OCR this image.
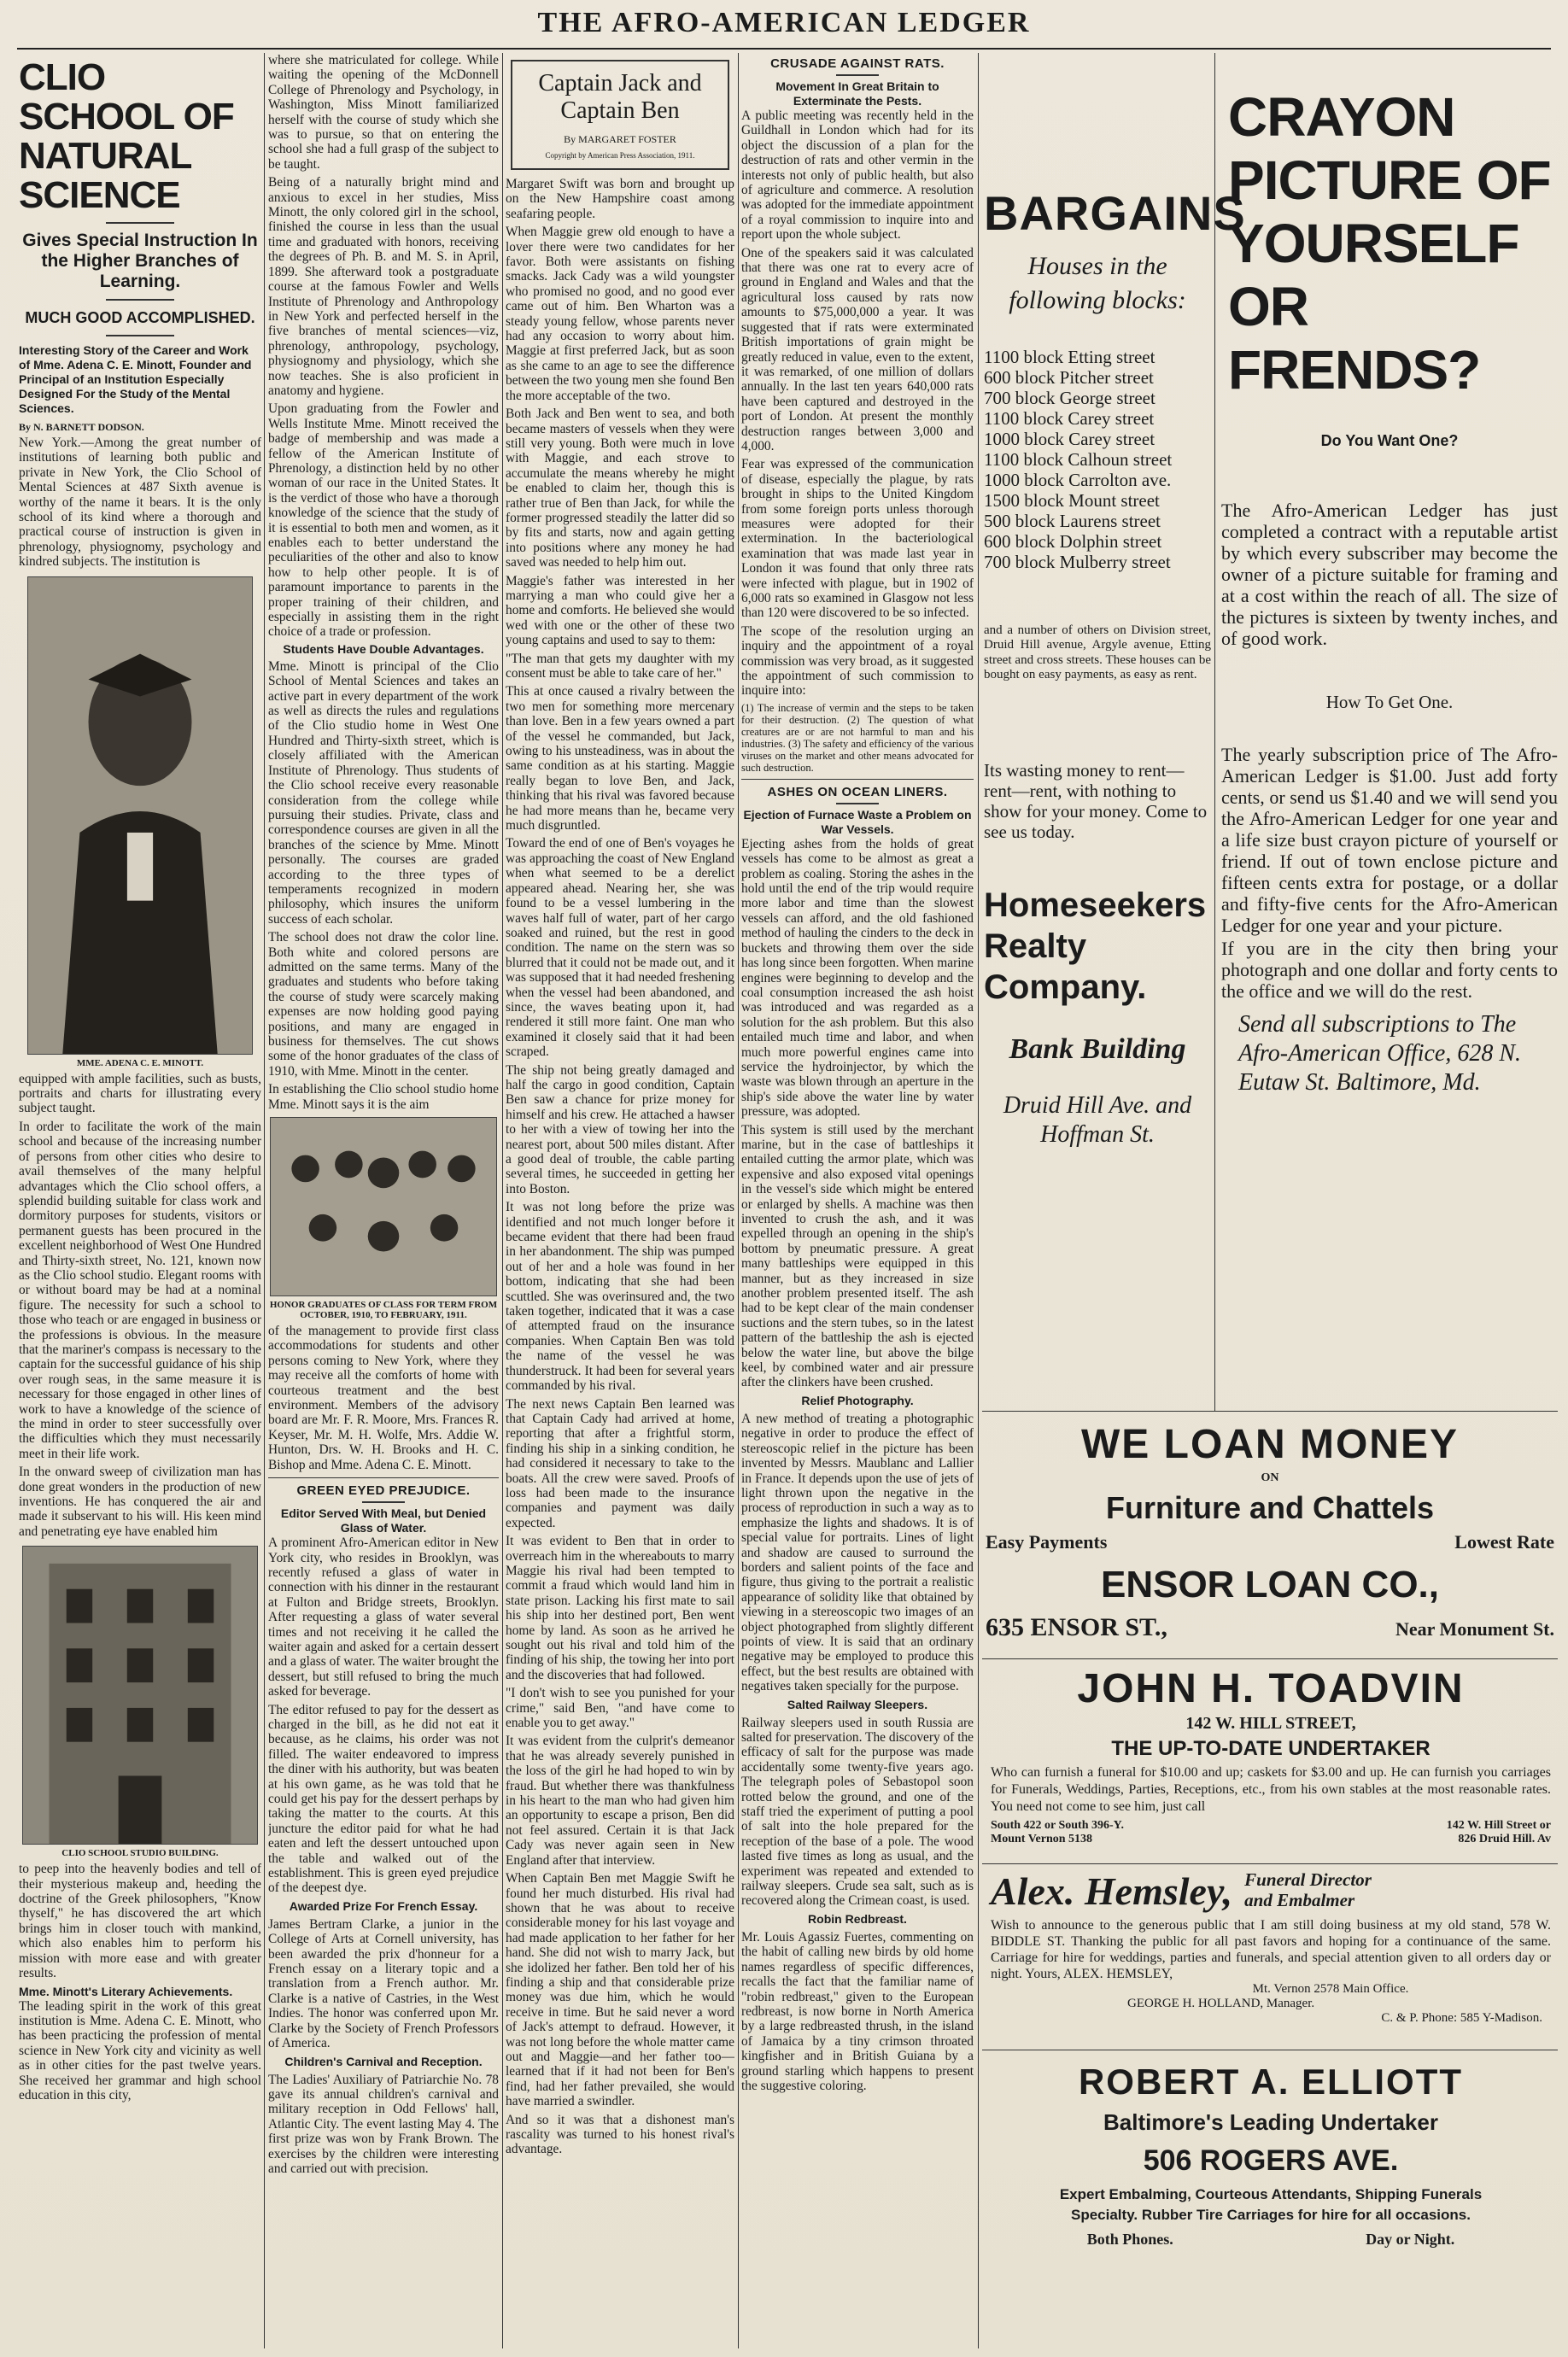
THE AFRO-AMERICAN LEDGER
CLIO SCHOOL OF NATURAL SCIENCE
Gives Special Instruction In the Higher Branches of Learning.
MUCH GOOD ACCOMPLISHED.
Interesting Story of the Career and Work of Mme. Adena C. E. Minott, Founder and Principal of an Institution Especially Designed For the Study of the Mental Sciences.
By N. BARNETT DODSON.

New York.—Among the great number of institutions of learning both public and private in New York, the Clio School of Mental Sciences at 487 Sixth avenue is worthy of the name it bears. It is the only school of its kind where a thorough and practical course of instruction is given in phrenology, physiognomy, psychology and kindred subjects. The institution is

MME. ADENA C. E. MINOTT.

equipped with ample facilities, such as busts, portraits and charts for illustrating every subject taught.

In order to facilitate the work of the main school and because of the increasing number of persons from other cities who desire to avail themselves of the many helpful advantages which the Clio school offers, a splendid building suitable for class work and dormitory purposes for students, visitors or permanent guests has been procured in the excellent neighborhood of West One Hundred and Thirty-sixth street, No. 121, known now as the Clio school studio. Elegant rooms with or without board may be had at a nominal figure. The necessity for such a school to those who teach or are engaged in business or the professions is obvious. In the measure that the mariner's compass is necessary to the captain for the successful guidance of his ship over rough seas, in the same measure it is necessary for those engaged in other lines of work to have a knowledge of the science of the mind in order to steer successfully over the difficulties which they must necessarily meet in their life work.

In the onward sweep of civilization man has done great wonders in the production of new inventions. He has conquered the air and made it subservant to his will. His keen mind and penetrating eye have enabled him

CLIO SCHOOL STUDIO BUILDING.

to peep into the heavenly bodies and tell of their mysterious makeup and, heeding the doctrine of the Greek philosophers, "Know thyself," he has discovered the art which brings him in closer touch with mankind, which also enables him to perform his mission with more ease and with greater results.

Mme. Minott's Literary Achievements.

The leading spirit in the work of this great institution is Mme. Adena C. E. Minott, who has been practicing the profession of mental science in New York city and vicinity as well as in other cities for the past twelve years. She received her grammar and high school education in this city,

where she matriculated for college. While waiting the opening of the McDonnell College of Phrenology and Psychology, in Washington, Miss Minott familiarized herself with the course of study which she was to pursue, so that on entering the school she had a full grasp of the subject to be taught.

Being of a naturally bright mind and anxious to excel in her studies, Miss Minott, the only colored girl in the school, finished the course in less than the usual time and graduated with honors, receiving the degrees of Ph. B. and M. S. in April, 1899. She afterward took a postgraduate course at the famous Fowler and Wells Institute of Phrenology and Anthropology in New York and perfected herself in the five branches of mental sciences—viz, phrenology, anthropology, psychology, physiognomy and physiology, which she now teaches. She is also proficient in anatomy and hygiene.

Upon graduating from the Fowler and Wells Institute Mme. Minott received the badge of membership and was made a fellow of the American Institute of Phrenology, a distinction held by no other woman of our race in the United States. It is the verdict of those who have a thorough knowledge of the science that the study of it is essential to both men and women, as it enables each to better understand the peculiarities of the other and also to know how to help other people. It is of paramount importance to parents in the proper training of their children, and especially in assisting them in the right choice of a trade or profession.

Students Have Double Advantages.

Mme. Minott is principal of the Clio School of Mental Sciences and takes an active part in every department of the work as well as directs the rules and regulations of the Clio studio home in West One Hundred and Thirty-sixth street, which is closely affiliated with the American Institute of Phrenology. Thus students of the Clio school receive every reasonable consideration from the college while pursuing their studies. Private, class and correspondence courses are given in all the branches of the science by Mme. Minott personally. The courses are graded according to the three types of temperaments recognized in modern philosophy, which insures the uniform success of each scholar.

The school does not draw the color line. Both white and colored persons are admitted on the same terms. Many of the graduates and students who before taking the course of study were scarcely making expenses are now holding good paying positions, and many are engaged in business for themselves. The cut shows some of the honor graduates of the class of 1910, with Mme. Minott in the center.

In establishing the Clio school studio home Mme. Minott says it is the aim

HONOR GRADUATES OF CLASS FOR TERM FROM OCTOBER, 1910, TO FEBRUARY, 1911.

of the management to provide first class accommodations for students and other persons coming to New York, where they may receive all the comforts of home with courteous treatment and the best environment. Members of the advisory board are Mr. F. R. Moore, Mrs. Frances R. Keyser, Mr. M. H. Wolfe, Mrs. Addie W. Hunton, Drs. W. H. Brooks and H. C. Bishop and Mme. Adena C. E. Minott.

GREEN EYED PREJUDICE.
Editor Served With Meal, but Denied Glass of Water.

A prominent Afro-American editor in New York city, who resides in Brooklyn, was recently refused a glass of water in connection with his dinner in the restaurant at Fulton and Bridge streets, Brooklyn. After requesting a glass of water several times and not receiving it he called the waiter again and asked for a certain dessert and a glass of water. The waiter brought the dessert, but still refused to bring the much asked for beverage.

The editor refused to pay for the dessert as charged in the bill, as he did not eat it because, as he claims, his order was not filled. The waiter endeavored to impress the diner with his authority, but was beaten at his own game, as he was told that he could get his pay for the dessert perhaps by taking the matter to the courts. At this juncture the editor paid for what he had eaten and left the dessert untouched upon the table and walked out of the establishment. This is green eyed prejudice of the deepest dye.

Awarded Prize For French Essay.

James Bertram Clarke, a junior in the College of Arts at Cornell university, has been awarded the prix d'honneur for a French essay on a literary topic and a translation from a French author. Mr. Clarke is a native of Castries, in the West Indies. The honor was conferred upon Mr. Clarke by the Society of French Professors of America.

Children's Carnival and Reception.

The Ladies' Auxiliary of Patriarchie No. 78 gave its annual children's carnival and military reception in Odd Fellows' hall, Atlantic City. The event lasting May 4. The first prize was won by Frank Brown. The exercises by the children were interesting and carried out with precision.

Captain Jack and Captain Ben
By MARGARET FOSTER
Copyright by American Press Association, 1911.

Margaret Swift was born and brought up on the New Hampshire coast among seafaring people.

When Maggie grew old enough to have a lover there were two candidates for her favor. Both were assistants on fishing smacks. Jack Cady was a wild youngster who promised no good, and no good ever came out of him. Ben Wharton was a steady young fellow, whose parents never had any occasion to worry about him. Maggie at first preferred Jack, but as soon as she came to an age to see the difference between the two young men she found Ben the more acceptable of the two.

Both Jack and Ben went to sea, and both became masters of vessels when they were still very young. Both were much in love with Maggie, and each strove to accumulate the means whereby he might be enabled to claim her, though this is rather true of Ben than Jack, for while the former progressed steadily the latter did so by fits and starts, now and again getting into positions where any money he had saved was needed to help him out.

Maggie's father was interested in her marrying a man who could give her a home and comforts. He believed she would wed with one or the other of these two young captains and used to say to them:

"The man that gets my daughter with my consent must be able to take care of her."

This at once caused a rivalry between the two men for something more mercenary than love. Ben in a few years owned a part of the vessel he commanded, but Jack, owing to his unsteadiness, was in about the same condition as at his starting. Maggie really began to love Ben, and Jack, thinking that his rival was favored because he had more means than he, became very much disgruntled.

Toward the end of one of Ben's voyages he was approaching the coast of New England when what seemed to be a derelict appeared ahead. Nearing her, she was found to be a vessel lumbering in the waves half full of water, part of her cargo soaked and ruined, but the rest in good condition. The name on the stern was so blurred that it could not be made out, and it was supposed that it had needed freshening when the vessel had been abandoned, and since, the waves beating upon it, had rendered it still more faint. One man who examined it closely said that it had been scraped.

The ship not being greatly damaged and half the cargo in good condition, Captain Ben saw a chance for prize money for himself and his crew. He attached a hawser to her with a view of towing her into the nearest port, about 500 miles distant. After a good deal of trouble, the cable parting several times, he succeeded in getting her into Boston.

It was not long before the prize was identified and not much longer before it became evident that there had been fraud in her abandonment. The ship was pumped out of her and a hole was found in her bottom, indicating that she had been scuttled. She was overinsured and, the two taken together, indicated that it was a case of attempted fraud on the insurance companies. When Captain Ben was told the name of the vessel he was thunderstruck. It had been for several years commanded by his rival.

The next news Captain Ben learned was that Captain Cady had arrived at home, reporting that after a frightful storm, finding his ship in a sinking condition, he had considered it necessary to take to the boats. All the crew were saved. Proofs of loss had been made to the insurance companies and payment was daily expected.

It was evident to Ben that in order to overreach him in the whereabouts to marry Maggie his rival had been tempted to commit a fraud which would land him in state prison. Lacking his first mate to sail his ship into her destined port, Ben went home by land. As soon as he arrived he sought out his rival and told him of the finding of his ship, the towing her into port and the discoveries that had followed.

"I don't wish to see you punished for your crime," said Ben, "and have come to enable you to get away."

It was evident from the culprit's demeanor that he was already severely punished in the loss of the girl he had hoped to win by fraud. But whether there was thankfulness in his heart to the man who had given him an opportunity to escape a prison, Ben did not feel assured. Certain it is that Jack Cady was never again seen in New England after that interview.

When Captain Ben met Maggie Swift he found her much disturbed. His rival had shown that he was about to receive considerable money for his last voyage and had made application to her father for her hand. She did not wish to marry Jack, but she idolized her father. Ben told her of his finding a ship and that considerable prize money was due him, which he would receive in time. But he said never a word of Jack's attempt to defraud. However, it was not long before the whole matter came out and Maggie—and her father too—learned that if it had not been for Ben's find, had her father prevailed, she would have married a swindler.

And so it was that a dishonest man's rascality was turned to his honest rival's advantage.

CRUSADE AGAINST RATS.
Movement In Great Britain to Exterminate the Pests.

A public meeting was recently held in the Guildhall in London which had for its object the discussion of a plan for the destruction of rats and other vermin in the interests not only of public health, but also of agriculture and commerce. A resolution was adopted for the immediate appointment of a royal commission to inquire into and report upon the whole subject.

One of the speakers said it was calculated that there was one rat to every acre of ground in England and Wales and that the agricultural loss caused by rats now amounts to $75,000,000 a year. It was suggested that if rats were exterminated British importations of grain might be greatly reduced in value, even to the extent, it was remarked, of one million of dollars annually. In the last ten years 640,000 rats have been captured and destroyed in the port of London. At present the monthly destruction ranges between 3,000 and 4,000.

Fear was expressed of the communication of disease, especially the plague, by rats brought in ships to the United Kingdom from some foreign ports unless thorough measures were adopted for their extermination. In the bacteriological examination that was made last year in London it was found that only three rats were infected with plague, but in 1902 of 6,000 rats so examined in Glasgow not less than 120 were discovered to be so infected.

The scope of the resolution urging an inquiry and the appointment of a royal commission was very broad, as it suggested the appointment of such commission to inquire into:

(1) The increase of vermin and the steps to be taken for their destruction. (2) The question of what creatures are or are not harmful to man and his industries. (3) The safety and efficiency of the various viruses on the market and other means advocated for such destruction.

ASHES ON OCEAN LINERS.
Ejection of Furnace Waste a Problem on War Vessels.

Ejecting ashes from the holds of great vessels has come to be almost as great a problem as coaling. Storing the ashes in the hold until the end of the trip would require more labor and time than the slowest vessels can afford, and the old fashioned method of hauling the cinders to the deck in buckets and throwing them over the side has long since been forgotten. When marine engines were beginning to develop and the coal consumption increased the ash hoist was introduced and was regarded as a solution for the ash problem. But this also entailed much time and labor, and when much more powerful engines came into service the hydroinjector, by which the waste was blown through an aperture in the ship's side above the water line by water pressure, was adopted.

This system is still used by the merchant marine, but in the case of battleships it entailed cutting the armor plate, which was expensive and also exposed vital openings in the vessel's side which might be entered or enlarged by shells. A machine was then invented to crush the ash, and it was expelled through an opening in the ship's bottom by pneumatic pressure. A great many battleships were equipped in this manner, but as they increased in size another problem presented itself. The ash had to be kept clear of the main condenser suctions and the stern tubes, so in the latest pattern of the battleship the ash is ejected below the water line, but above the bilge keel, by combined water and air pressure after the clinkers have been crushed.

Relief Photography.

A new method of treating a photographic negative in order to produce the effect of stereoscopic relief in the picture has been invented by Messrs. Maublanc and Lallier in France. It depends upon the use of jets of light thrown upon the negative in the process of reproduction in such a way as to emphasize the lights and shadows. It is of special value for portraits. Lines of light and shadow are caused to surround the borders and salient points of the face and figure, thus giving to the portrait a realistic appearance of solidity like that obtained by viewing in a stereoscopic two images of an object photographed from slightly different points of view. It is said that an ordinary negative may be employed to produce this effect, but the best results are obtained with negatives taken specially for the purpose.

Salted Railway Sleepers.

Railway sleepers used in south Russia are salted for preservation. The discovery of the efficacy of salt for the purpose was made accidentally some twenty-five years ago. The telegraph poles of Sebastopol soon rotted below the ground, and one of the staff tried the experiment of putting a pool of salt into the hole prepared for the reception of the base of a pole. The wood lasted five times as long as usual, and the experiment was repeated and extended to railway sleepers. Crude sea salt, such as is recovered along the Crimean coast, is used.

Robin Redbreast.

Mr. Louis Agassiz Fuertes, commenting on the habit of calling new birds by old home names regardless of specific differences, recalls the fact that the familiar name of "robin redbreast," given to the European redbreast, is now borne in North America by a large redbreasted thrush, in the island of Jamaica by a tiny crimson throated kingfisher and in British Guiana by a ground starling which happens to present the suggestive coloring.

BARGAINS
Houses in the following blocks:
1100 block Etting street
600 block Pitcher street
700 block George street
1100 block Carey street
1000 block Carey street
1100 block Calhoun street
1000 block Carrolton ave.
1500 block Mount street
500 block Laurens street
600 block Dolphin street
700 block Mulberry street

and a number of others on Division street, Druid Hill avenue, Argyle avenue, Etting street and cross streets. These houses can be bought on easy payments, as easy as rent.

Its wasting money to rent—rent—rent, with nothing to show for your money. Come to see us today.
Homeseekers Realty Company.
Bank Building
Druid Hill Ave. and Hoffman St.
CRAYON PICTURE OF YOURSELF OR FRENDS?
Do You Want One?
The Afro-American Ledger has just completed a contract with a reputable artist by which every subscriber may become the owner of a picture suitable for framing and at a cost within the reach of all. The size of the pictures is sixteen by twenty inches, and of good work.
How To Get One.
The yearly subscription price of The Afro-American Ledger is $1.00. Just add forty cents, or send us $1.40 and we will send you the Afro-American Ledger for one year and a life size bust crayon picture of yourself or friend. If out of town enclose picture and fifteen cents extra for postage, or a dollar and fifty-five cents for the Afro-American Ledger for one year and your picture.
If you are in the city then bring your photograph and one dollar and forty cents to the office and we will do the rest.
Send all subscriptions to The Afro-American Office, 628 N. Eutaw St. Baltimore, Md.
WE LOAN MONEY
ON
Furniture and Chattels
Easy Payments	Lowest Rate
ENSOR LOAN CO.,
635 ENSOR ST.,	Near Monument St.
JOHN H. TOADVIN
142 W. HILL STREET,
THE UP-TO-DATE UNDERTAKER
Who can furnish a funeral for $10.00 and up; caskets for $3.00 and up. He can furnish you carriages for Funerals, Weddings, Parties, Receptions, etc., from his own stables at the most reasonable rates. You need not come to see him, just call
South 422 or South 396-Y.
Mount Vernon 5138
142 W. Hill Street or
826 Druid Hill. Av
Alex. Hemsley, Funeral Director and Embalmer
Wish to announce to the generous public that I am still doing business at my old stand, 578 W. BIDDLE ST. Thanking the public for all past favors and hoping for a continuance of the same. Carriage for hire for weddings, parties and funerals, and special attention given to all orders day or night. Yours, ALEX. HEMSLEY,
Mt. Vernon 2578 Main Office.
GEORGE H. HOLLAND, Manager.
C. & P. Phone: 585 Y-Madison.
ROBERT A. ELLIOTT
Baltimore's Leading Undertaker
506 ROGERS AVE.
Expert Embalming, Courteous Attendants, Shipping Funerals
Specialty. Rubber Tire Carriages for hire for all occasions.
Both Phones.	Day or Night.
